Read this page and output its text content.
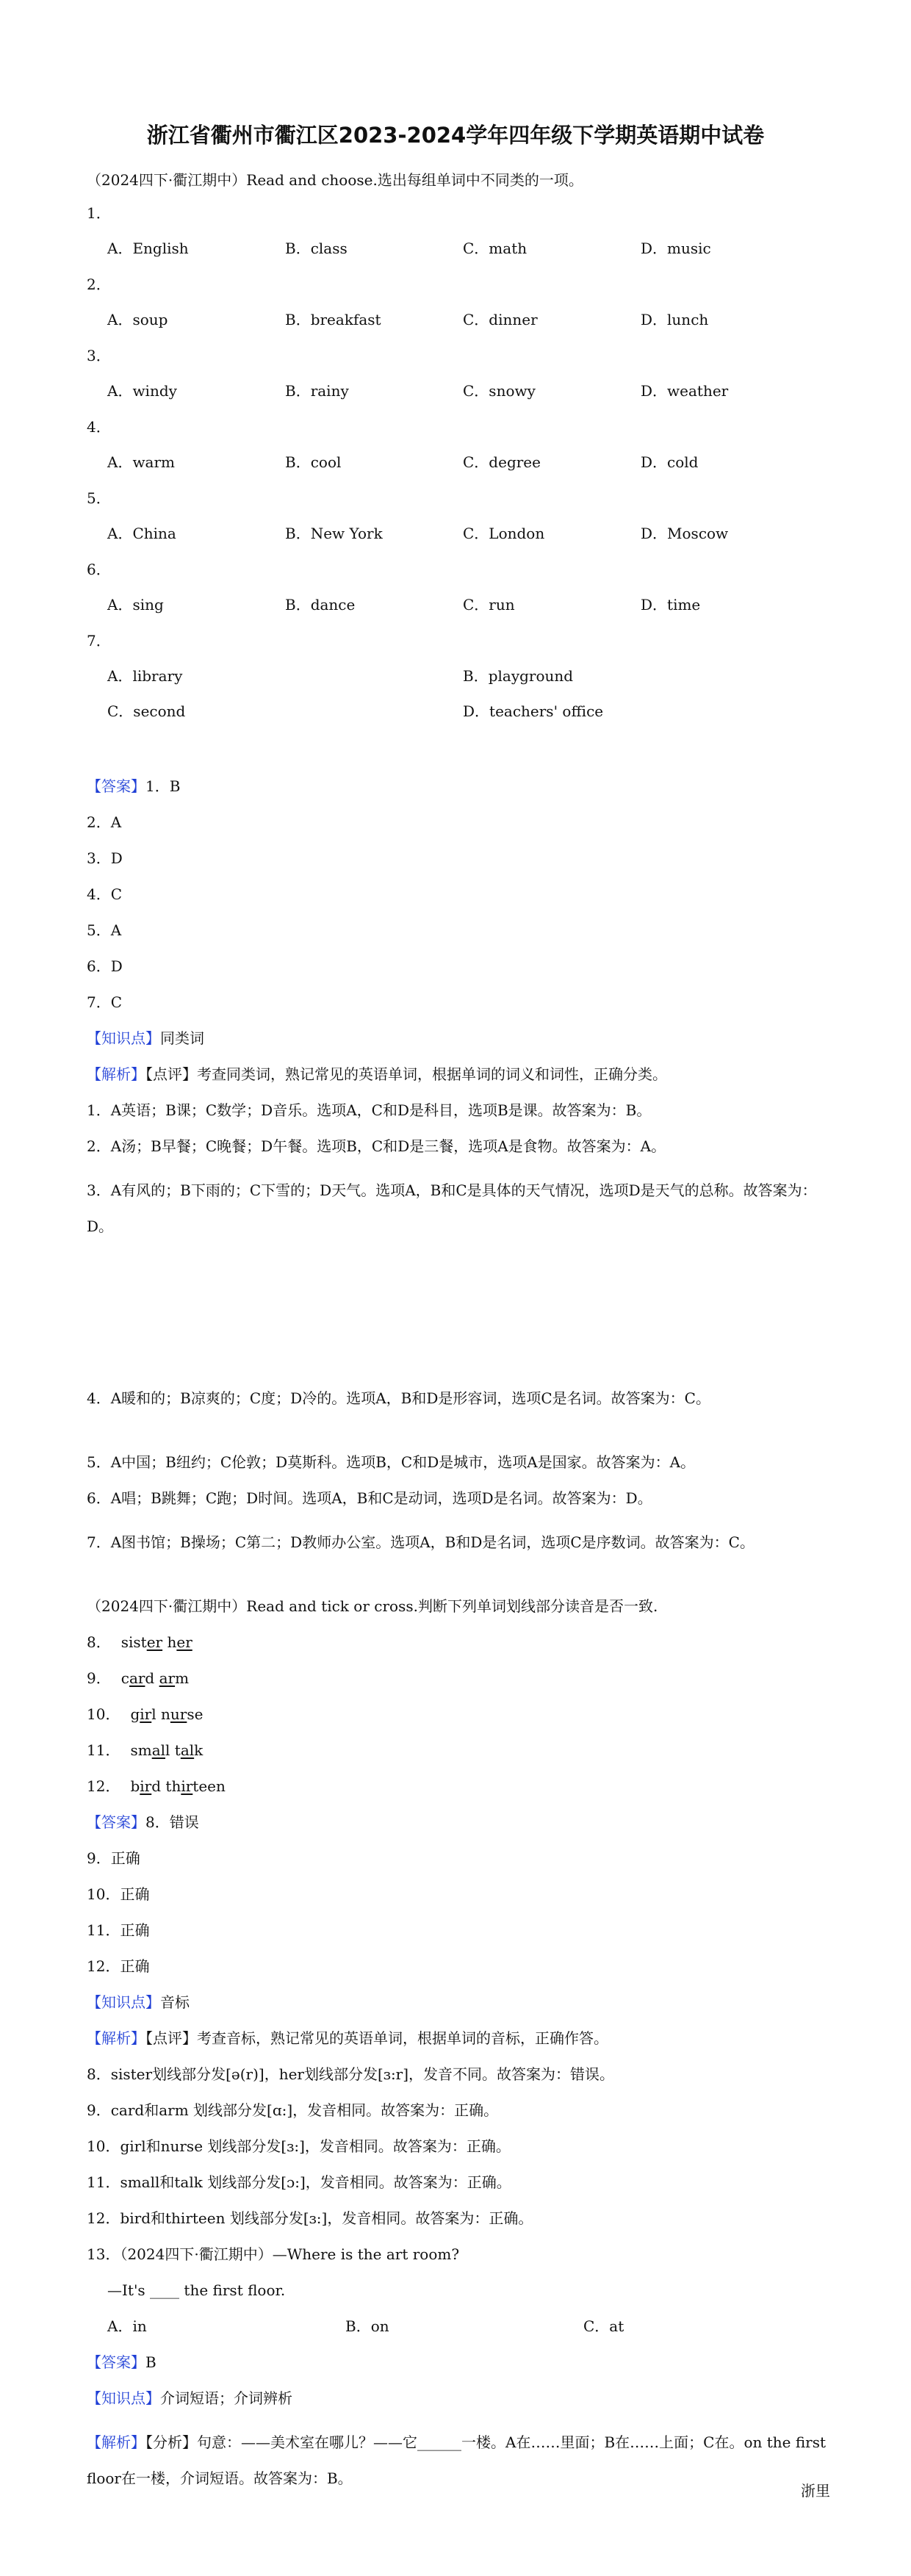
浙江省衢州市衢江区2023-2024学年四年级下学期英语期中试卷
（2024四下·衢江期中）Read and choose.选出每组单词中不同类的一项。
1．
A．English	B．class	C．math	D．music
2．
A．soup	B．breakfast	C．dinner	D．lunch
3．
A．windy	B．rainy	C．snowy	D．weather
4．
A．warm	B．cool	C．degree	D．cold
5．
A．China	B．New York	C．London	D．Moscow
6．
A．sing	B．dance	C．run	D．time
7．
A．library	B．playground
C．second	D．teachers' office
【答案】1．B
2．A
3．D
4．C
5．A
6．D
7．C
【知识点】同类词
【解析】【点评】考查同类词，熟记常见的英语单词，根据单词的词义和词性，正确分类。
1．A英语；B课；C数学；D音乐。选项A，C和D是科目，选项B是课。故答案为：B。
2．A汤；B早餐；C晚餐；D午餐。选项B，C和D是三餐，选项A是食物。故答案为：A。
3．A有风的；B下雨的；C下雪的；D天气。选项A，B和C是具体的天气情况，选项D是天气的总称。故答案为：D。
4．A暖和的；B凉爽的；C度；D冷的。选项A，B和D是形容词，选项C是名词。故答案为：C。
5．A中国；B纽约；C伦敦；D莫斯科。选项B，C和D是城市，选项A是国家。故答案为：A。
6．A唱；B跳舞；C跑；D时间。选项A，B和C是动词，选项D是名词。故答案为：D。
7．A图书馆；B操场；C第二；D教师办公室。选项A，B和D是名词，选项C是序数词。故答案为：C。
（2024四下·衢江期中）Read and tick or cross.判断下列单词划线部分读音是否一致.
8． sister her
9． card arm
10． girl nurse
11． small talk
12． bird thirteen
【答案】8．错误
9．正确
10．正确
11．正确
12．正确
【知识点】音标
【解析】【点评】考查音标，熟记常见的英语单词，根据单词的音标，正确作答。
8．sister划线部分发[ə(r)]，her划线部分发[ɜ:r]，发音不同。故答案为：错误。
9．card和arm 划线部分发[ɑ:]，发音相同。故答案为：正确。
10．girl和nurse 划线部分发[ɜ:]，发音相同。故答案为：正确。
11．small和talk 划线部分发[ɔ:]，发音相同。故答案为：正确。
12．bird和thirteen 划线部分发[ɜ:]，发音相同。故答案为：正确。
13．（2024四下·衢江期中）—Where is the art room?
—It's ____ the first floor.
A．in	B．on	C．at
【答案】B
【知识点】介词短语；介词辨析
【解析】【分析】句意：——美术室在哪儿？——它______一楼。A在……里面；B在……上面；C在。on the first floor在一楼，介词短语。故答案为：B。
浙里
